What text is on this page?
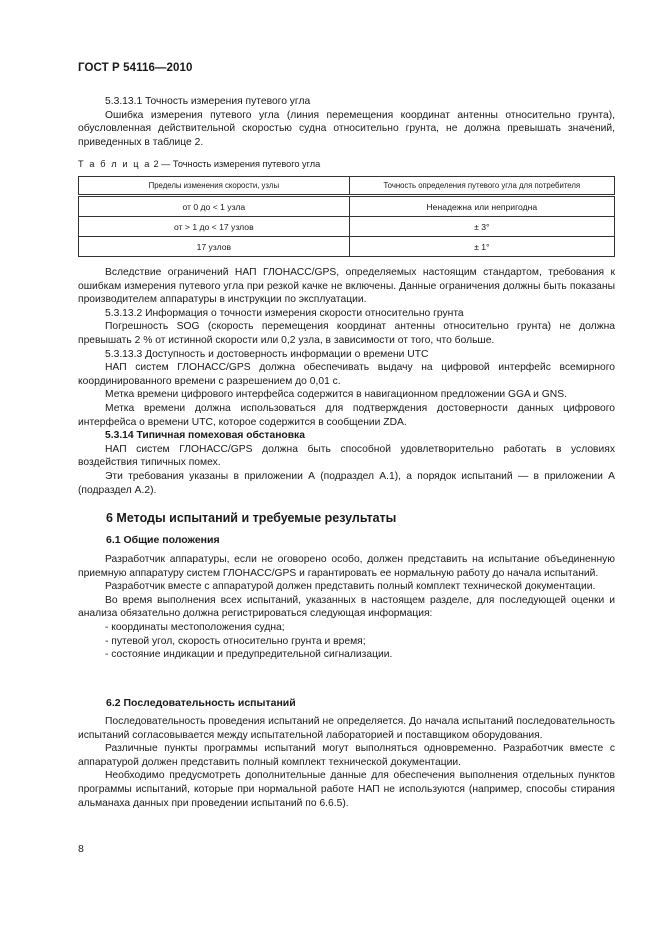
ГОСТ Р 54116—2010

5.3.13.1 Точность измерения путевого угла

Ошибка измерения путевого угла (линия перемещения координат антенны относительно грунта), обусловленная действительной скоростью судна относительно грунта, не должна превышать значений, приведенных в таблице 2.

Т а б л и ц а 2 — Точность измерения путевого угла
Пределы изменения скорости, узлы	Точность определения путевого угла для потребителя
от 0 до < 1 узла	Ненадежна или непригодна
от > 1 до < 17 узлов	± 3°
17 узлов	± 1°

Вследствие ограничений НАП ГЛОНАСС/GPS, определяемых настоящим стандартом, требования к ошибкам измерения путевого угла при резкой качке не включены. Данные ограничения должны быть показаны производителем аппаратуры в инструкции по эксплуатации.

5.3.13.2 Информация о точности измерения скорости относительно грунта

Погрешность SOG (скорость перемещения координат антенны относительно грунта) не должна превышать 2 % от истинной скорости или 0,2 узла, в зависимости от того, что больше.

5.3.13.3 Доступность и достоверность информации о времени UTC

НАП систем ГЛОНАСС/GPS должна обеспечивать выдачу на цифровой интерфейс всемирного координированного времени с разрешением до 0,01 с.

Метка времени цифрового интерфейса содержится в навигационном предложении GGA и GNS.

Метка времени должна использоваться для подтверждения достоверности данных цифрового интерфейса о времени UTC, которое содержится в сообщении ZDA.

5.3.14 Типичная помеховая обстановка

НАП систем ГЛОНАСС/GPS должна быть способной удовлетворительно работать в условиях воздействия типичных помех.

Эти требования указаны в приложении А (подраздел А.1), а порядок испытаний — в приложении А (подраздел А.2).

6 Методы испытаний и требуемые результаты
6.1 Общие положения

Разработчик аппаратуры, если не оговорено особо, должен представить на испытание объединенную приемную аппаратуру систем ГЛОНАСС/GPS и гарантировать ее нормальную работу до начала испытаний.

Разработчик вместе с аппаратурой должен представить полный комплект технической документации.

Во время выполнения всех испытаний, указанных в настоящем разделе, для последующей оценки и анализа обязательно должна регистрироваться следующая информация:

- координаты местоположения судна;
- путевой угол, скорость относительно грунта и время;
- состояние индикации и предупредительной сигнализации.
6.2 Последовательность испытаний

Последовательность проведения испытаний не определяется. До начала испытаний последовательность испытаний согласовывается между испытательной лабораторией и поставщиком оборудования.

Различные пункты программы испытаний могут выполняться одновременно. Разработчик вместе с аппаратурой должен представить полный комплект технической документации.

Необходимо предусмотреть дополнительные данные для обеспечения выполнения отдельных пунктов программы испытаний, которые при нормальной работе НАП не используются (например, способы стирания альманаха данных при проведении испытаний по 6.6.5).

8
